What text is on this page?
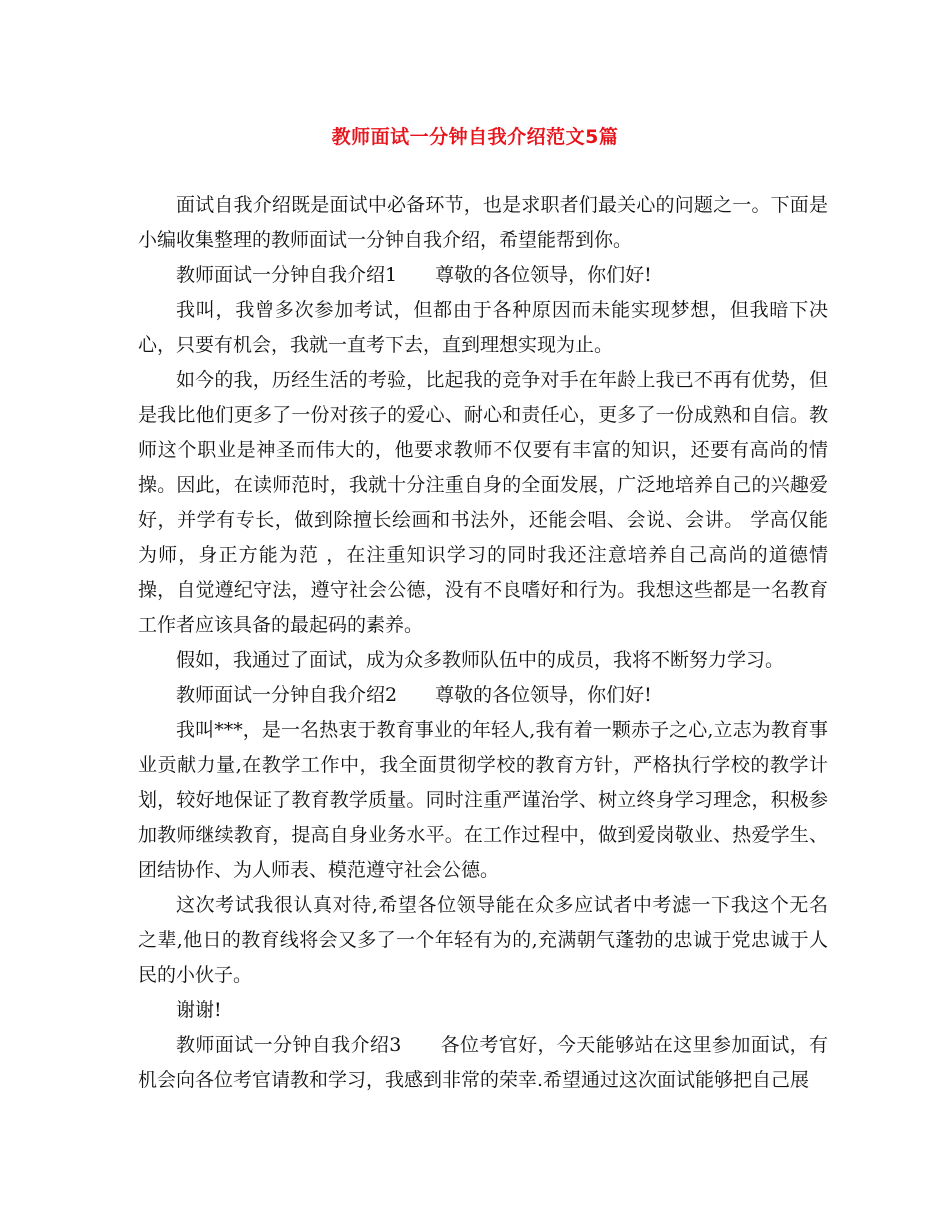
教师面试一分钟自我介绍范文5篇

面试自我介绍既是面试中必备环节，也是求职者们最关心的问题之一。下面是小编收集整理的教师面试一分钟自我介绍，希望能帮到你。

教师面试一分钟自我介绍1　　尊敬的各位领导，你们好!

我叫，我曾多次参加考试，但都由于各种原因而未能实现梦想，但我暗下决心，只要有机会，我就一直考下去，直到理想实现为止。

如今的我，历经生活的考验，比起我的竞争对手在年龄上我已不再有优势，但是我比他们更多了一份对孩子的爱心、耐心和责任心，更多了一份成熟和自信。教师这个职业是神圣而伟大的，他要求教师不仅要有丰富的知识，还要有高尚的情操。因此，在读师范时，我就十分注重自身的全面发展，广泛地培养自己的兴趣爱好，并学有专长，做到除擅长绘画和书法外，还能会唱、会说、会讲。 学高仅能为师，身正方能为范 ，在注重知识学习的同时我还注意培养自己高尚的道德情操，自觉遵纪守法，遵守社会公德，没有不良嗜好和行为。我想这些都是一名教育工作者应该具备的最起码的素养。

假如，我通过了面试，成为众多教师队伍中的成员，我将不断努力学习。

教师面试一分钟自我介绍2　　尊敬的各位领导，你们好!

我叫***，是一名热衷于教育事业的年轻人,我有着一颗赤子之心,立志为教育事业贡献力量,在教学工作中，我全面贯彻学校的教育方针，严格执行学校的教学计划，较好地保证了教育教学质量。同时注重严谨治学、树立终身学习理念，积极参加教师继续教育，提高自身业务水平。在工作过程中，做到爱岗敬业、热爱学生、团结协作、为人师表、模范遵守社会公德。

这次考试我很认真对待,希望各位领导能在众多应试者中考滤一下我这个无名之辈,他日的教育线将会又多了一个年轻有为的,充满朝气蓬勃的忠诚于党忠诚于人民的小伙子。

谢谢!

教师面试一分钟自我介绍3　　各位考官好，今天能够站在这里参加面试，有机会向各位考官请教和学习，我感到非常的荣幸.希望通过这次面试能够把自己展
